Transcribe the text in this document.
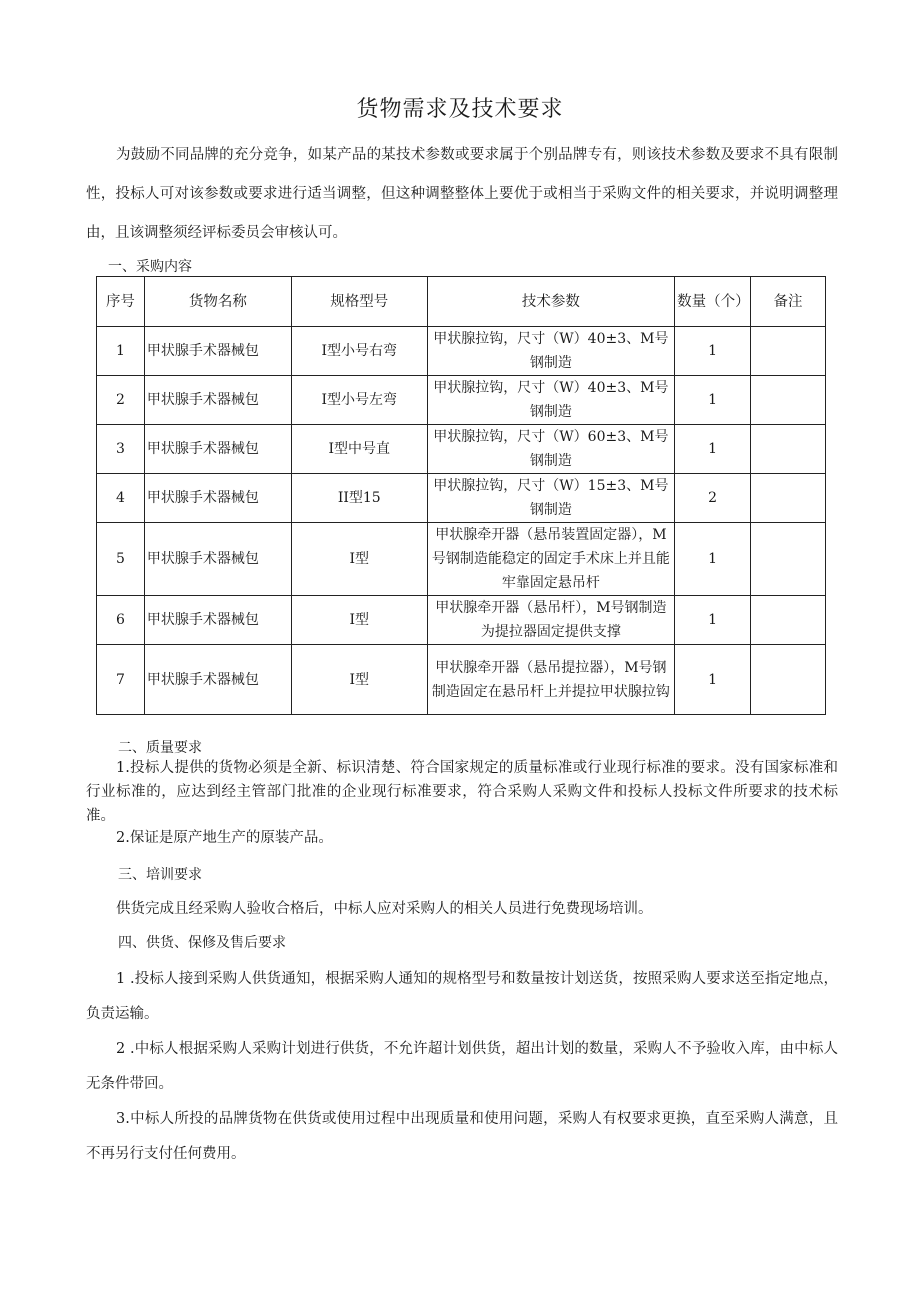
货物需求及技术要求
为鼓励不同品牌的充分竞争，如某产品的某技术参数或要求属于个别品牌专有，则该技术参数及要求不具有限制性，投标人可对该参数或要求进行适当调整，但这种调整整体上要优于或相当于采购文件的相关要求，并说明调整理由，且该调整须经评标委员会审核认可。
一、采购内容
序号	货物名称	规格型号	技术参数	数量（个）	备注
1	甲状腺手术器械包	I型小号右弯	甲状腺拉钩，尺寸（W）40±3、M号钢制造	1	
2	甲状腺手术器械包	I型小号左弯	甲状腺拉钩，尺寸（W）40±3、M号钢制造	1	
3	甲状腺手术器械包	I型中号直	甲状腺拉钩，尺寸（W）60±3、M号钢制造	1	
4	甲状腺手术器械包	II型15	甲状腺拉钩，尺寸（W）15±3、M号钢制造	2	
5	甲状腺手术器械包	I型	甲状腺牵开器（悬吊装置固定器），M号钢制造能稳定的固定手术床上并且能牢靠固定悬吊杆	1	
6	甲状腺手术器械包	I型	甲状腺牵开器（悬吊杆），M号钢制造为提拉器固定提供支撑	1	
7	甲状腺手术器械包	I型	甲状腺牵开器（悬吊提拉器），M号钢制造固定在悬吊杆上并提拉甲状腺拉钩	1	
二、质量要求
1.投标人提供的货物必须是全新、标识清楚、符合国家规定的质量标准或行业现行标准的要求。没有国家标准和行业标准的，应达到经主管部门批准的企业现行标准要求，符合采购人采购文件和投标人投标文件所要求的技术标准。
2.保证是原产地生产的原装产品。
三、培训要求
供货完成且经采购人验收合格后，中标人应对采购人的相关人员进行免费现场培训。
四、供货、保修及售后要求
1 .投标人接到采购人供货通知，根据采购人通知的规格型号和数量按计划送货，按照采购人要求送至指定地点，负责运输。
2 .中标人根据采购人采购计划进行供货，不允许超计划供货，超出计划的数量，采购人不予验收入库，由中标人无条件带回。
3.中标人所投的品牌货物在供货或使用过程中出现质量和使用问题，采购人有权要求更换，直至采购人满意，且不再另行支付任何费用。
